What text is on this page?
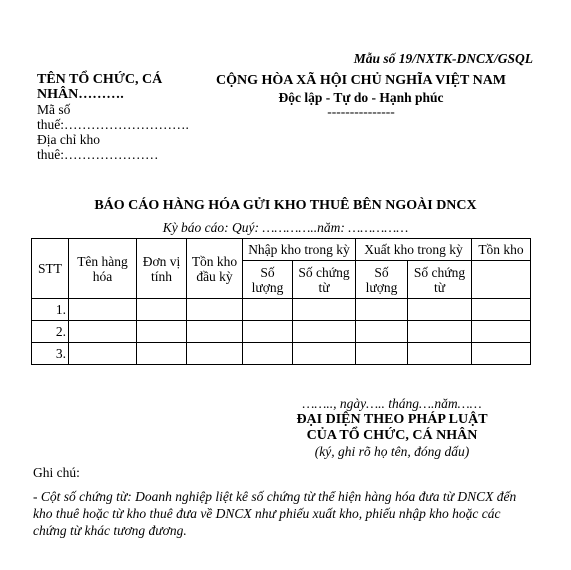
Mẫu số 19/NXTK-DNCX/GSQL
TÊN TỔ CHỨC, CÁ NHÂN……….
Mã số thuế:……………………….
Địa chỉ kho thuê:…………………
CỘNG HÒA XÃ HỘI CHỦ NGHĨA VIỆT NAM
Độc lập - Tự do - Hạnh phúc
---------------
BÁO CÁO HÀNG HÓA GỬI KHO THUÊ BÊN NGOÀI DNCX
Kỳ báo cáo: Quý: …………..năm: ……………
STT	Tên hàng hóa	Đơn vị tính	Tồn kho đầu kỳ	Nhập kho trong kỳ		Xuất kho trong kỳ		Tồn kho
				Số lượng	Số chứng từ	Số lượng	Số chứng từ	
1.								
2.								
3.								
…….., ngày….. tháng….năm……
ĐẠI DIỆN THEO PHÁP LUẬT
CỦA TỔ CHỨC, CÁ NHÂN
(ký, ghi rõ họ tên, đóng dấu)
Ghi chú:
- Cột số chứng từ: Doanh nghiệp liệt kê số chứng từ thể hiện hàng hóa đưa từ DNCX đến kho thuê hoặc từ kho thuê đưa về DNCX như phiếu xuất kho, phiếu nhập kho hoặc các chứng từ khác tương đương.
